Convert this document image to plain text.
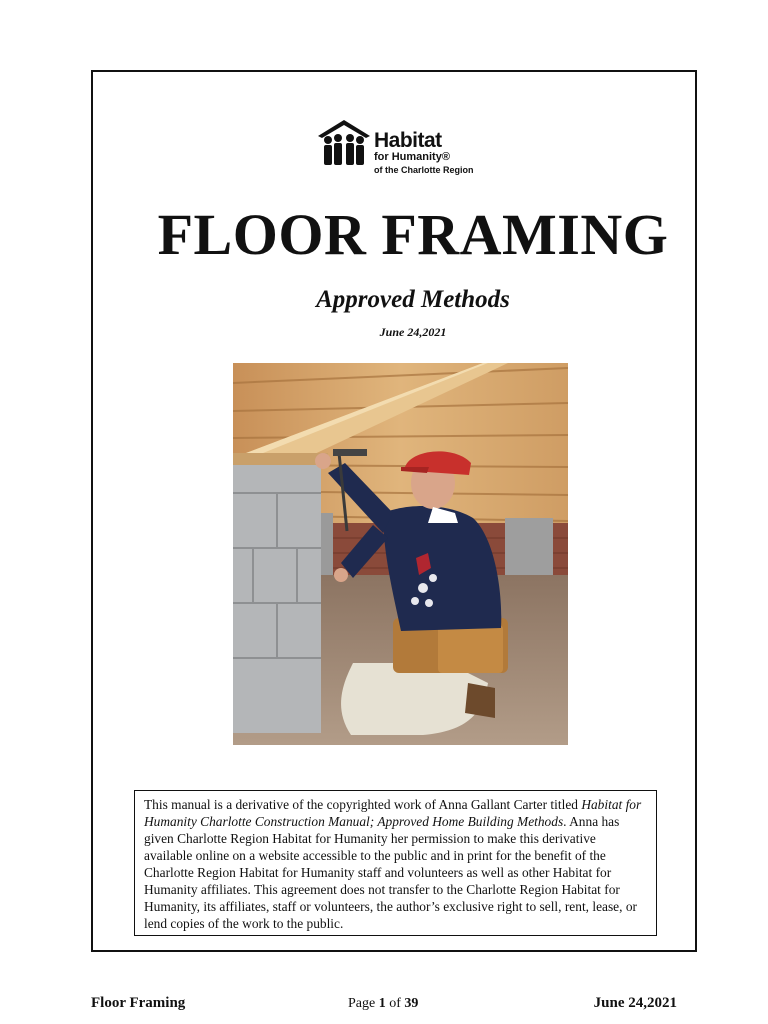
Habitat
for Humanity®
of the Charlotte Region
FLOOR FRAMING
Approved Methods
June 24,2021
This manual is a derivative of the copyrighted work of Anna Gallant Carter titled Habitat for Humanity Charlotte Construction Manual; Approved Home Building Methods. Anna has given Charlotte Region Habitat for Humanity her permission to make this derivative available online on a website accessible to the public and in print for the benefit of the Charlotte Region Habitat for Humanity staff and volunteers as well as other Habitat for Humanity affiliates. This agreement does not transfer to the Charlotte Region Habitat for Humanity, its affiliates, staff or volunteers, the author’s exclusive right to sell, rent, lease, or lend copies of the work to the public.
Floor Framing	Page 1 of 39	June 24,2021
